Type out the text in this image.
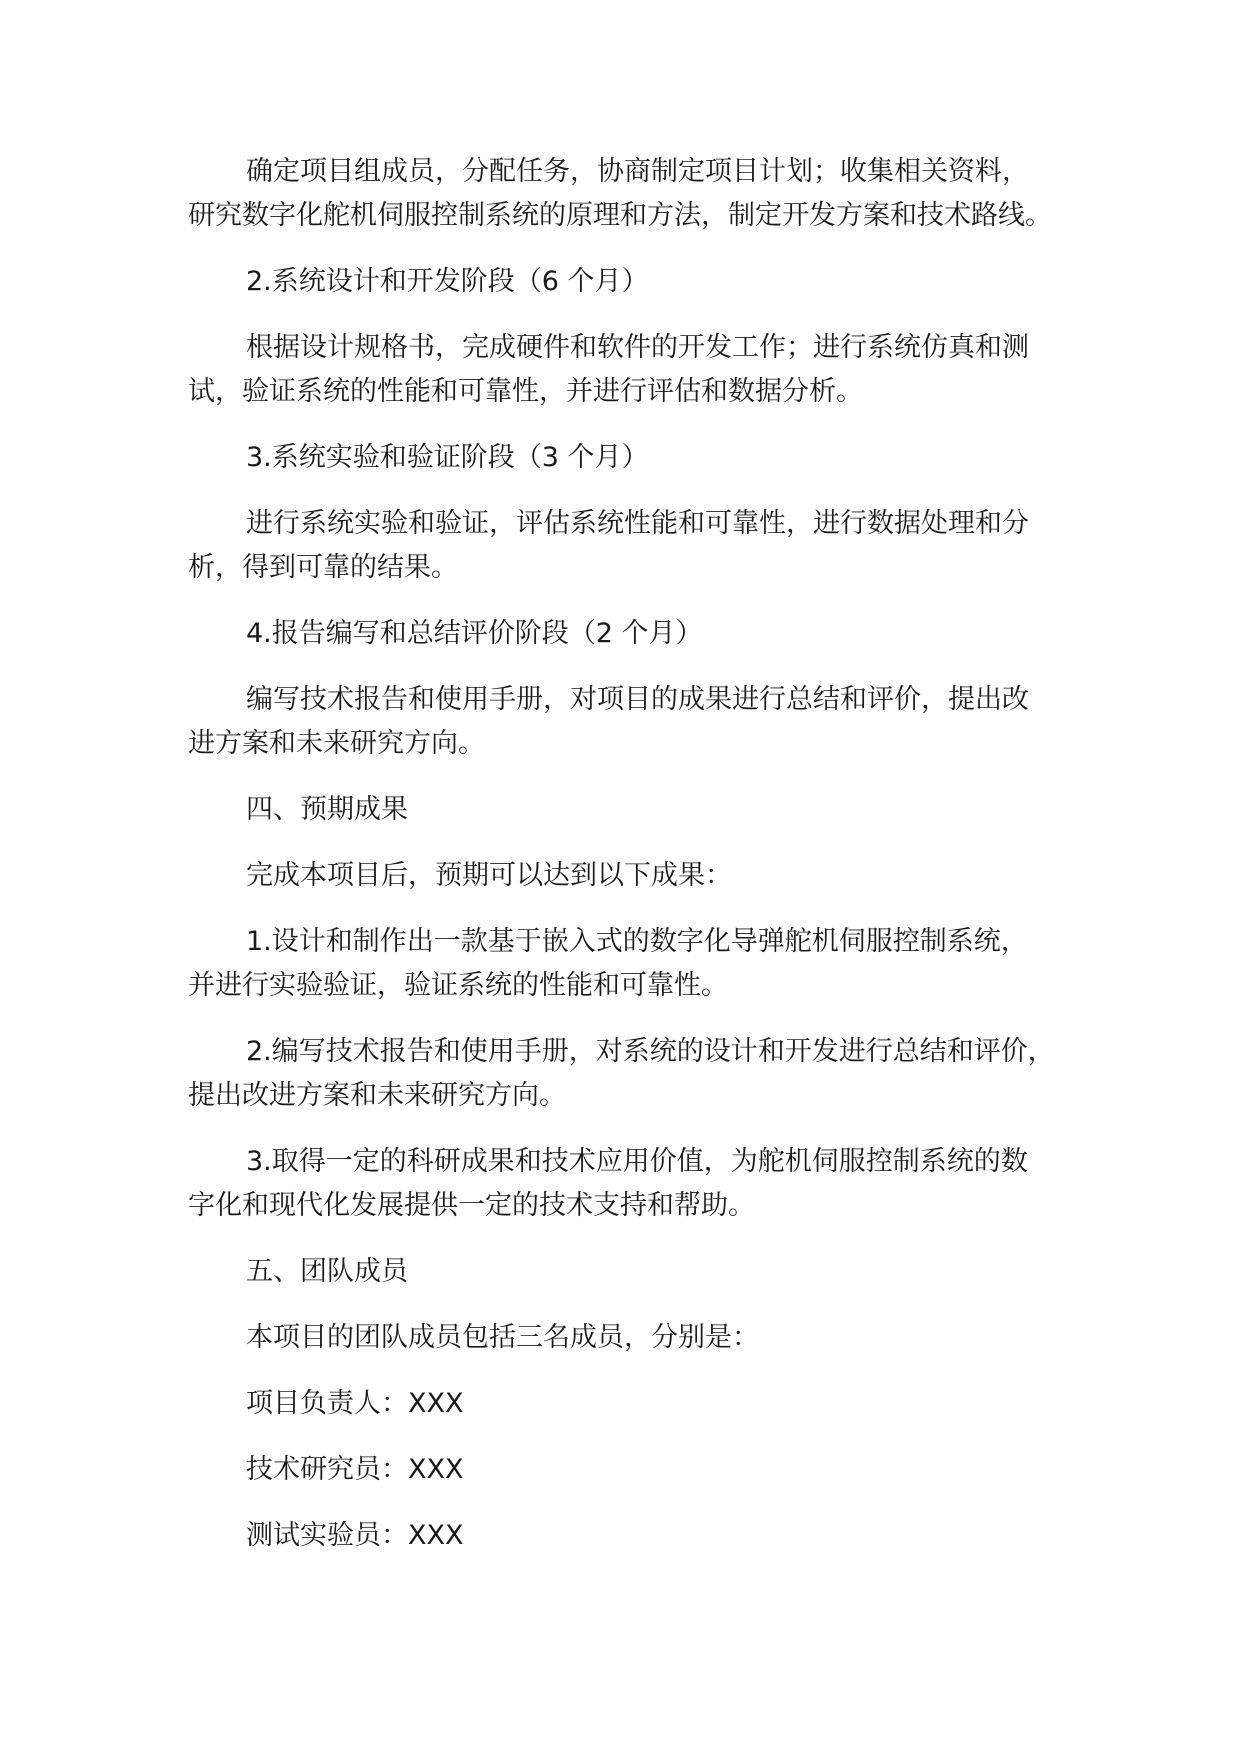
确定项目组成员，分配任务，协商制定项目计划；收集相关资料，
研究数字化舵机伺服控制系统的原理和方法，制定开发方案和技术路线。

2.系统设计和开发阶段（6 个月）

根据设计规格书，完成硬件和软件的开发工作；进行系统仿真和测
试，验证系统的性能和可靠性，并进行评估和数据分析。

3.系统实验和验证阶段（3 个月）

进行系统实验和验证，评估系统性能和可靠性，进行数据处理和分
析，得到可靠的结果。

4.报告编写和总结评价阶段（2 个月）

编写技术报告和使用手册，对项目的成果进行总结和评价，提出改
进方案和未来研究方向。

四、预期成果

完成本项目后，预期可以达到以下成果：

1.设计和制作出一款基于嵌入式的数字化导弹舵机伺服控制系统，
并进行实验验证，验证系统的性能和可靠性。

2.编写技术报告和使用手册，对系统的设计和开发进行总结和评价，
提出改进方案和未来研究方向。

3.取得一定的科研成果和技术应用价值，为舵机伺服控制系统的数
字化和现代化发展提供一定的技术支持和帮助。

五、团队成员

本项目的团队成员包括三名成员，分别是：

项目负责人：XXX

技术研究员：XXX

测试实验员：XXX
